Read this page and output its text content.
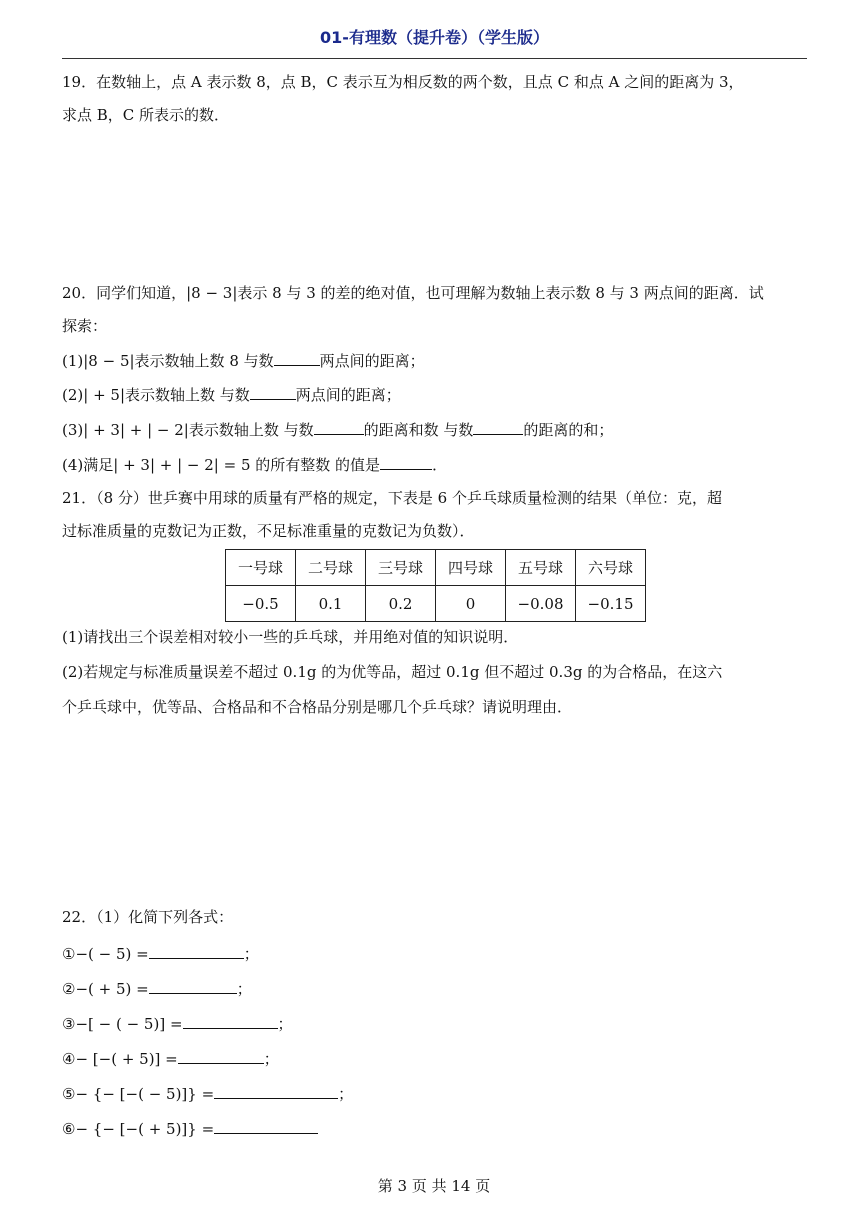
01-有理数（提升卷）（学生版）
19．在数轴上，点 A 表示数 8，点 B，C 表示互为相反数的两个数，且点 C 和点 A 之间的距离为 3，
求点 B，C 所表示的数．
20．同学们知道，|8 − 3|表示 8 与 3 的差的绝对值，也可理解为数轴上表示数 8 与 3 两点间的距离．试
探索：
(1)|8 − 5|表示数轴上数 8 与数	两点间的距离；
(2)| + 5|表示数轴上数 与数	两点间的距离；
(3)| + 3| + | − 2|表示数轴上数 与数	的距离和数 与数	的距离的和；
(4)满足| + 3| + | − 2| = 5 的所有整数 的值是	．
21．（8 分）世乒赛中用球的质量有严格的规定，下表是 6 个乒乓球质量检测的结果（单位：克，超
过标准质量的克数记为正数，不足标准重量的克数记为负数）．
一号球	二号球	三号球	四号球	五号球	六号球
−0.5	0.1	0.2	0	−0.08	−0.15
(1)请找出三个误差相对较小一些的乒乓球，并用绝对值的知识说明．
(2)若规定与标准质量误差不超过 0.1g 的为优等品，超过 0.1g 但不超过 0.3g 的为合格品，在这六
个乒乓球中，优等品、合格品和不合格品分别是哪几个乒乓球？请说明理由．
22．（1）化简下列各式：
①−( − 5) =	；
②−( + 5) =	；
③−[ − ( − 5)] =	；
④− [−( + 5)] =	；
⑤− {− [−( − 5)]} =	；
⑥− {− [−( + 5)]} =
第 3 页 共 14 页
